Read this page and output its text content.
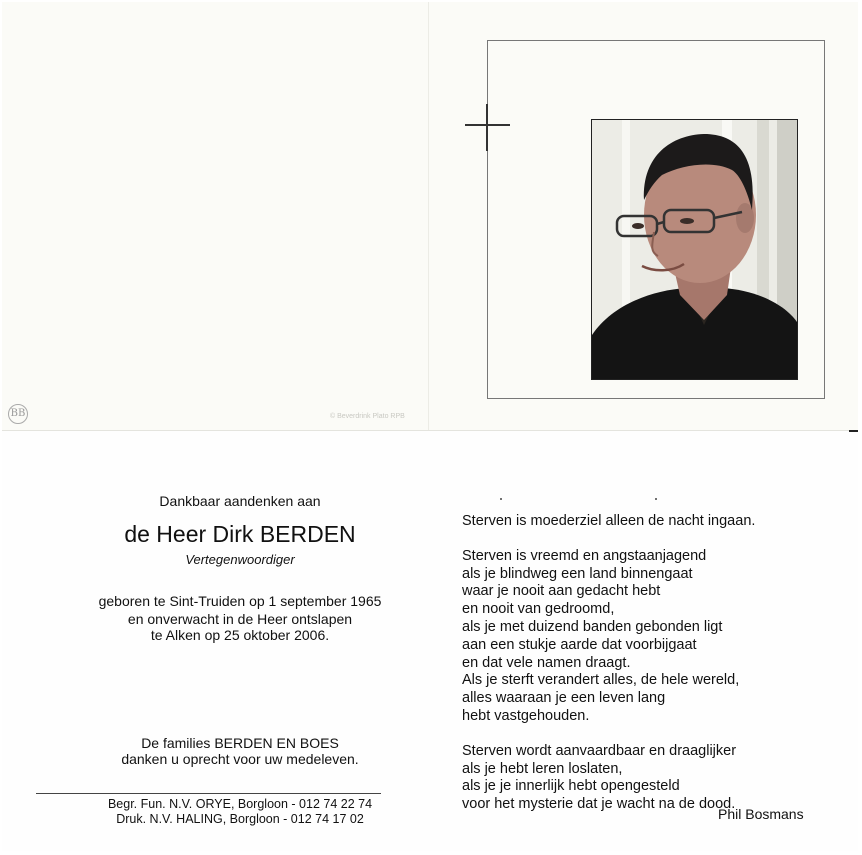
BB	© Beverdrink Plato RPB
Dankbaar aandenken aan
de Heer Dirk BERDEN
Vertegenwoordiger
geboren te Sint-Truiden op 1 september 1965
en onverwacht in de Heer ontslapen
te Alken op 25 oktober 2006.
De families BERDEN EN BOES
danken u oprecht voor uw medeleven.
Begr. Fun. N.V. ORYE, Borgloon - 012 74 22 74
Druk. N.V. HALING, Borgloon - 012 74 17 02
Sterven is moederziel alleen de nacht ingaan.
Sterven is vreemd en angstaanjagend
als je blindweg een land binnengaat
waar je nooit aan gedacht hebt
en nooit van gedroomd,
als je met duizend banden gebonden ligt
aan een stukje aarde dat voorbijgaat
en dat vele namen draagt.
Als je sterft verandert alles, de hele wereld,
alles waaraan je een leven lang
hebt vastgehouden.
Sterven wordt aanvaardbaar en draaglijker
als je hebt leren loslaten,
als je je innerlijk hebt opengesteld
voor het mysterie dat je wacht na de dood.
Phil Bosmans
